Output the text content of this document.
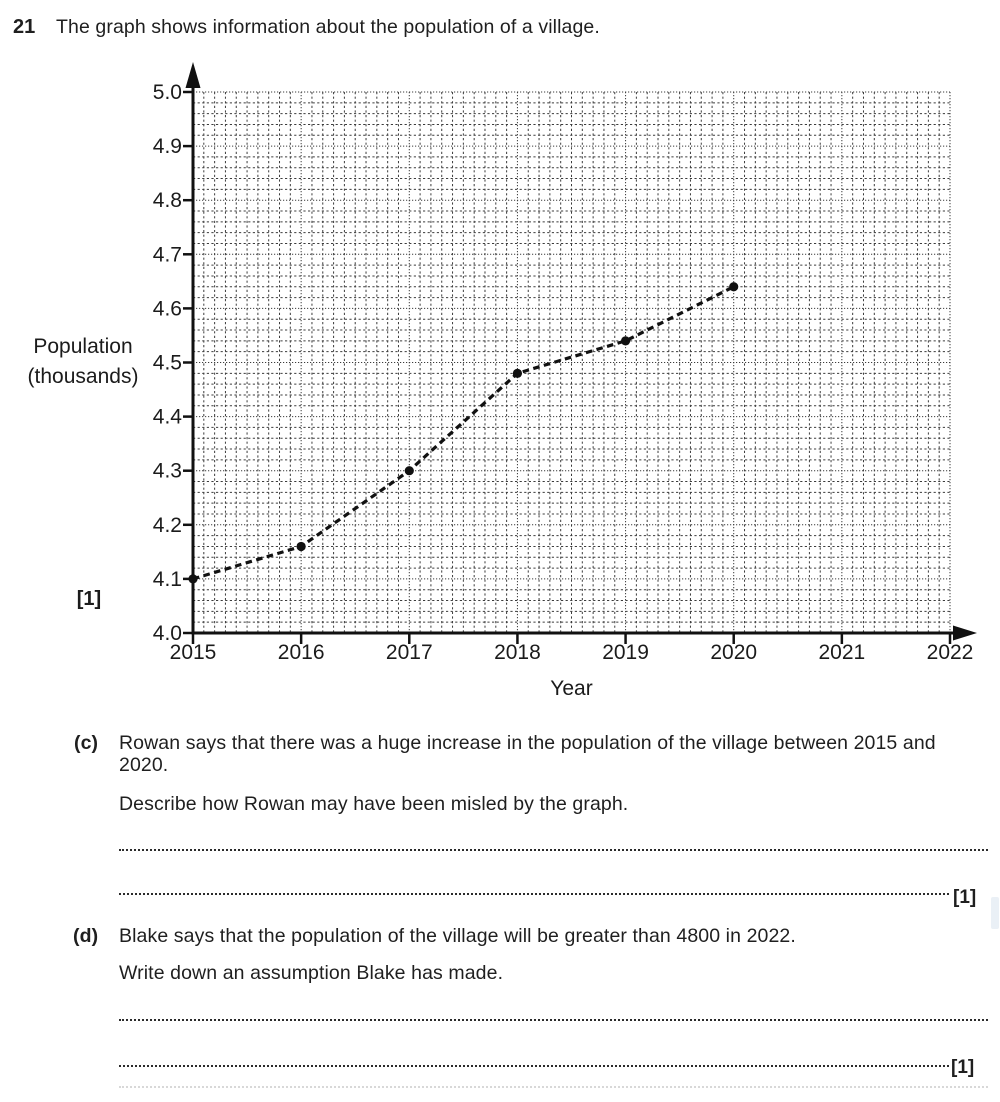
21 The graph shows information about the population of a village.
5.0
4.9
4.8
4.7
4.6
4.5
4.4
4.3
4.2
4.1
4.0
2015	2016	2017	2018	2019	2020	2021	2022
Year
Population
(thousands)
[1]
(c) Rowan says that there was a huge increase in the population of the village between 2015 and
2020.
Describe how Rowan may have been misled by the graph.
[1]
(d) Blake says that the population of the village will be greater than 4800 in 2022.
Write down an assumption Blake has made.
[1]
